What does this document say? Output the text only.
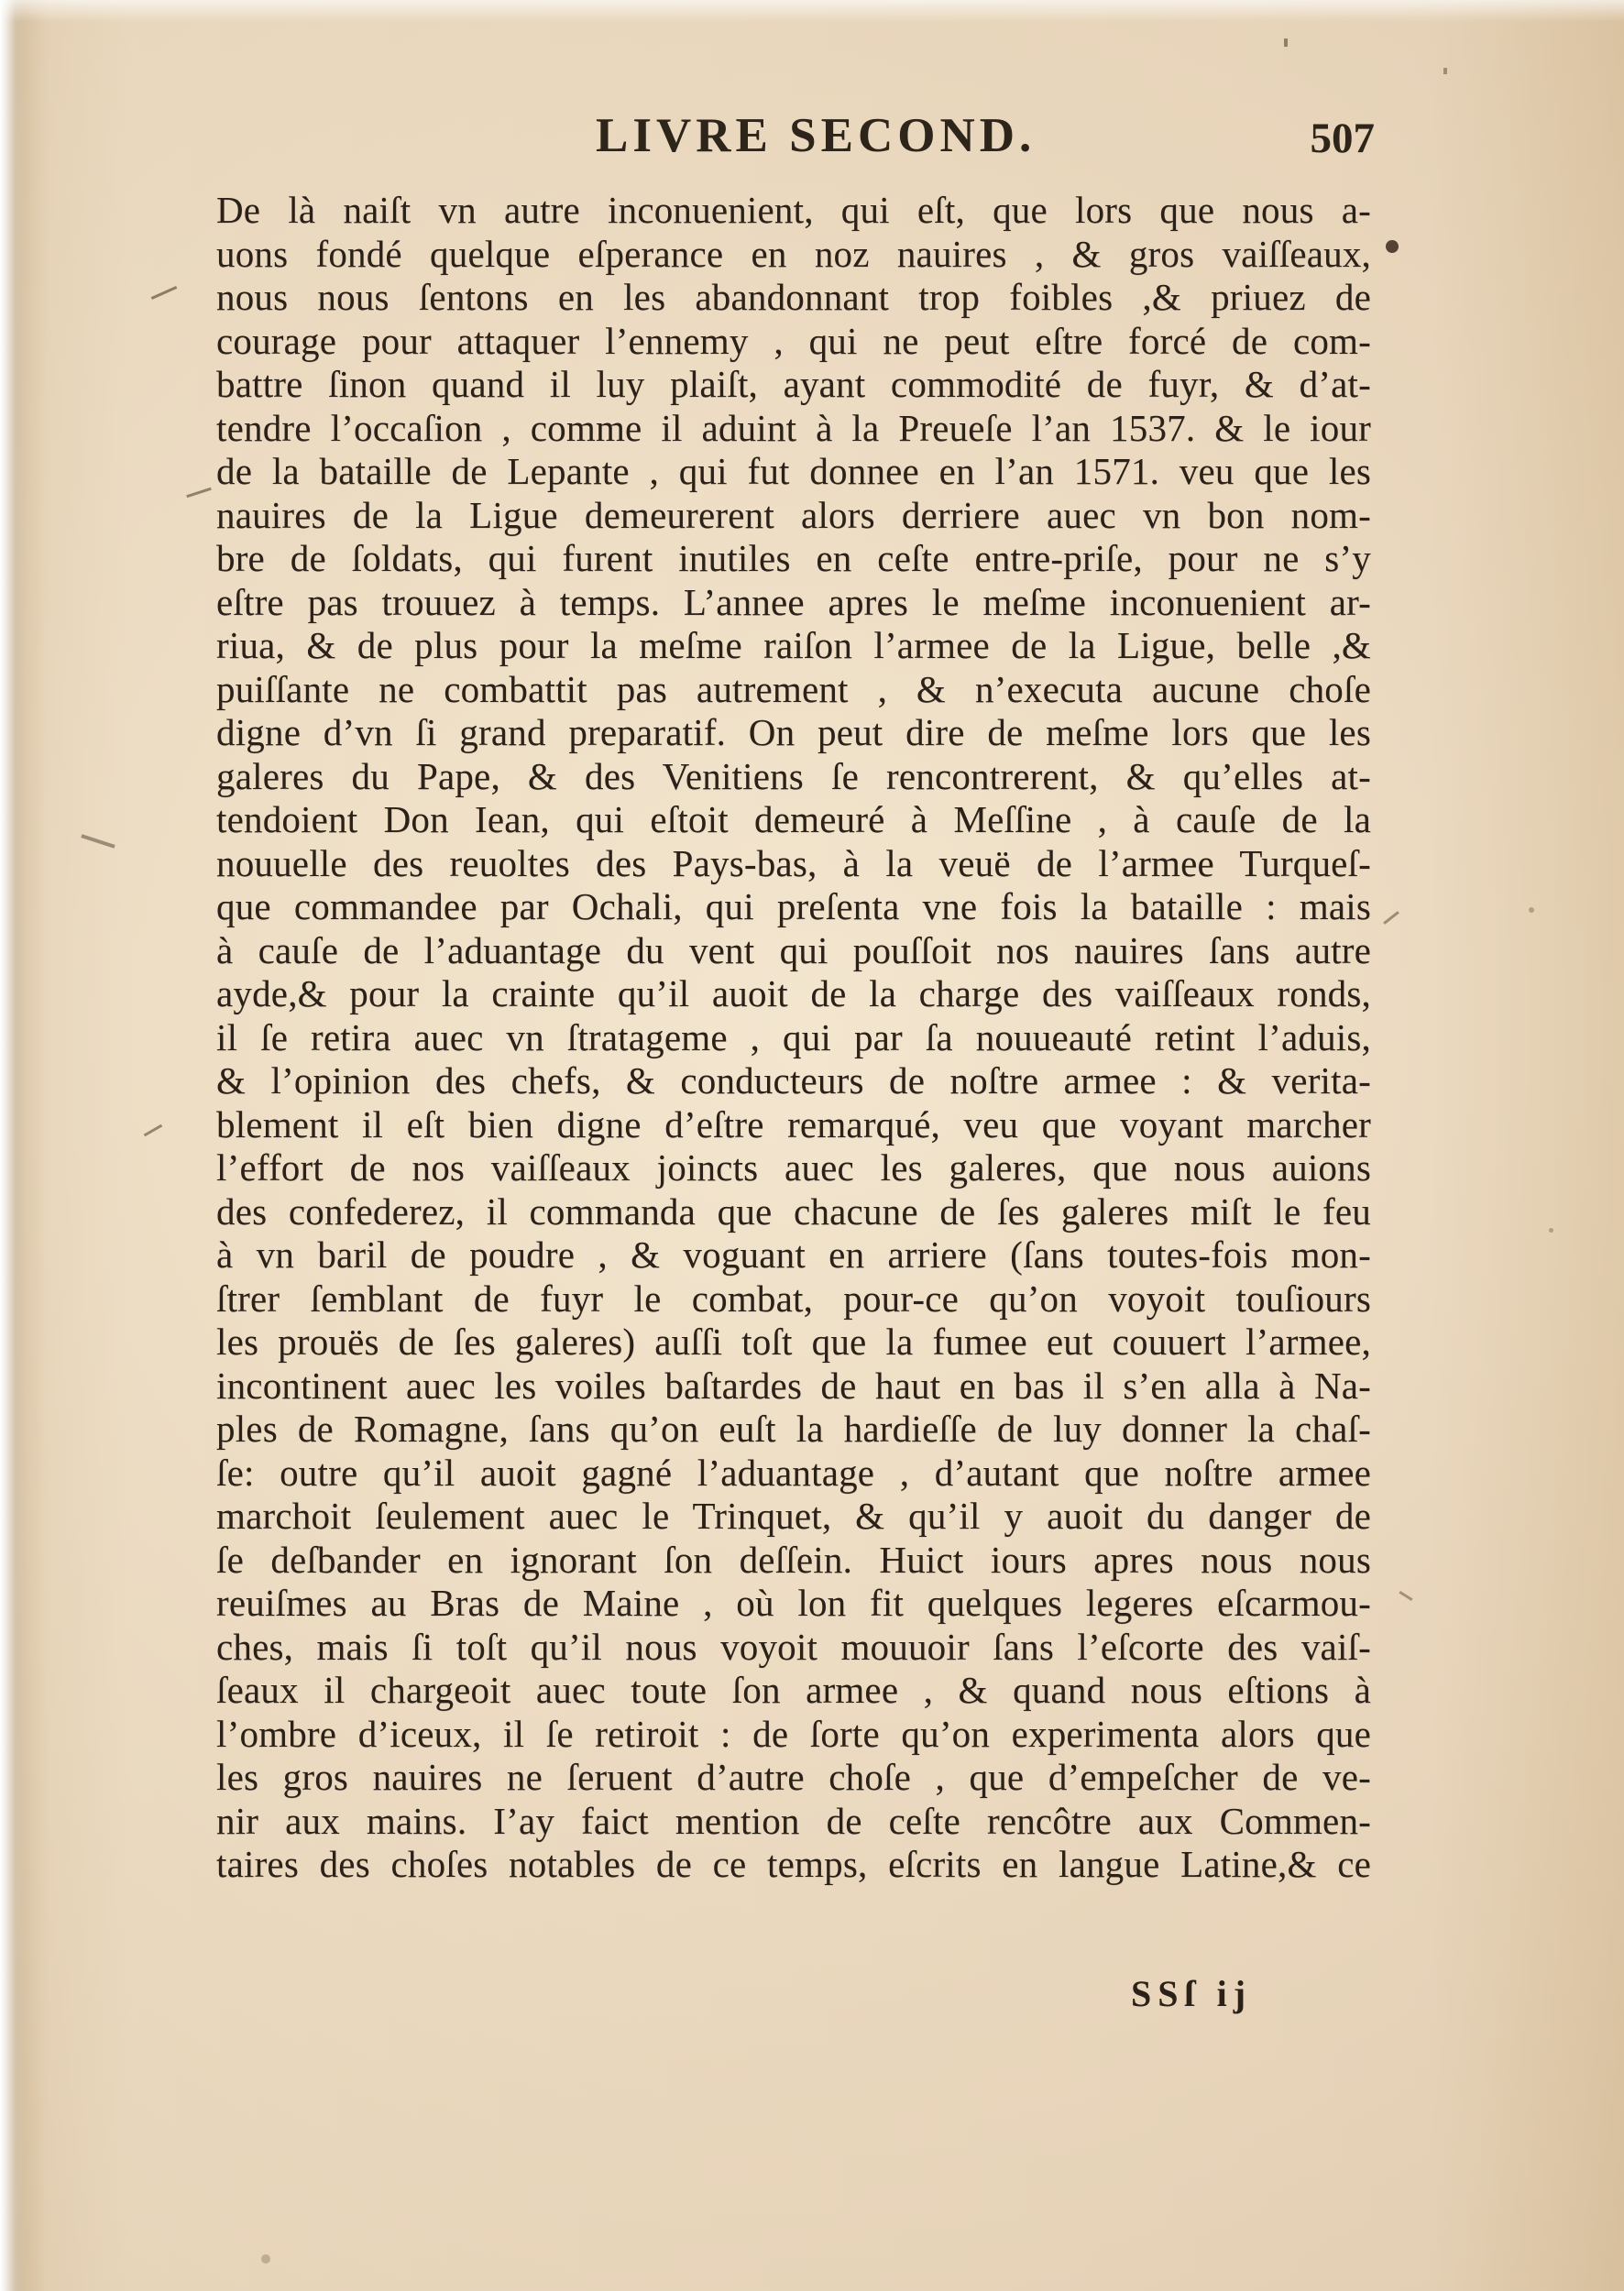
LIVRE SECOND.	507
De là naiſt vn autre inconuenient, qui eſt, que lors que nous a-
uons fondé quelque eſperance en noz nauires , & gros vaiſſeaux,
nous nous ſentons en les abandonnant trop foibles ,& priuez de
courage pour attaquer l’ennemy , qui ne peut eſtre forcé de com-
battre ſinon quand il luy plaiſt, ayant commodité de fuyr, & d’at-
tendre l’occaſion , comme il aduint à la Preueſe l’an 1537. & le iour
de la bataille de Lepante , qui fut donnee en l’an 1571. veu que les
nauires de la Ligue demeurerent alors derriere auec vn bon nom-
bre de ſoldats, qui furent inutiles en ceſte entre-priſe, pour ne s’y
eſtre pas trouuez à temps. L’annee apres le meſme inconuenient ar-
riua, & de plus pour la meſme raiſon l’armee de la Ligue, belle ,&
puiſſante ne combattit pas autrement , & n’executa aucune choſe
digne d’vn ſi grand preparatif. On peut dire de meſme lors que les
galeres du Pape, & des Venitiens ſe rencontrerent, & qu’elles at-
tendoient Don Iean, qui eſtoit demeuré à Meſſine , à cauſe de la
nouuelle des reuoltes des Pays-bas, à la veuë de l’armee Turqueſ-
que commandee par Ochali, qui preſenta vne fois la bataille : mais
à cauſe de l’aduantage du vent qui pouſſoit nos nauires ſans autre
ayde,& pour la crainte qu’il auoit de la charge des vaiſſeaux ronds,
il ſe retira auec vn ſtratageme , qui par ſa nouueauté retint l’aduis,
& l’opinion des chefs, & conducteurs de noſtre armee : & verita-
blement il eſt bien digne d’eſtre remarqué, veu que voyant marcher
l’effort de nos vaiſſeaux joincts auec les galeres, que nous auions
des confederez, il commanda que chacune de ſes galeres miſt le feu
à vn baril de poudre , & voguant en arriere (ſans toutes-fois mon-
ſtrer ſemblant de fuyr le combat, pour-ce qu’on voyoit touſiours
les prouës de ſes galeres) auſſi toſt que la fumee eut couuert l’armee,
incontinent auec les voiles baſtardes de haut en bas il s’en alla à Na-
ples de Romagne, ſans qu’on euſt la hardieſſe de luy donner la chaſ-
ſe: outre qu’il auoit gagné l’aduantage , d’autant que noſtre armee
marchoit ſeulement auec le Trinquet, & qu’il y auoit du danger de
ſe deſbander en ignorant ſon deſſein. Huict iours apres nous nous
reuiſmes au Bras de Maine , où lon fit quelques legeres eſcarmou-
ches, mais ſi toſt qu’il nous voyoit mouuoir ſans l’eſcorte des vaiſ-
ſeaux il chargeoit auec toute ſon armee , & quand nous eſtions à
l’ombre d’iceux, il ſe retiroit : de ſorte qu’on experimenta alors que
les gros nauires ne ſeruent d’autre choſe , que d’empeſcher de ve-
nir aux mains. I’ay faict mention de ceſte rencôtre aux Commen-
taires des choſes notables de ce temps, eſcrits en langue Latine,& ce
SSſ ij
